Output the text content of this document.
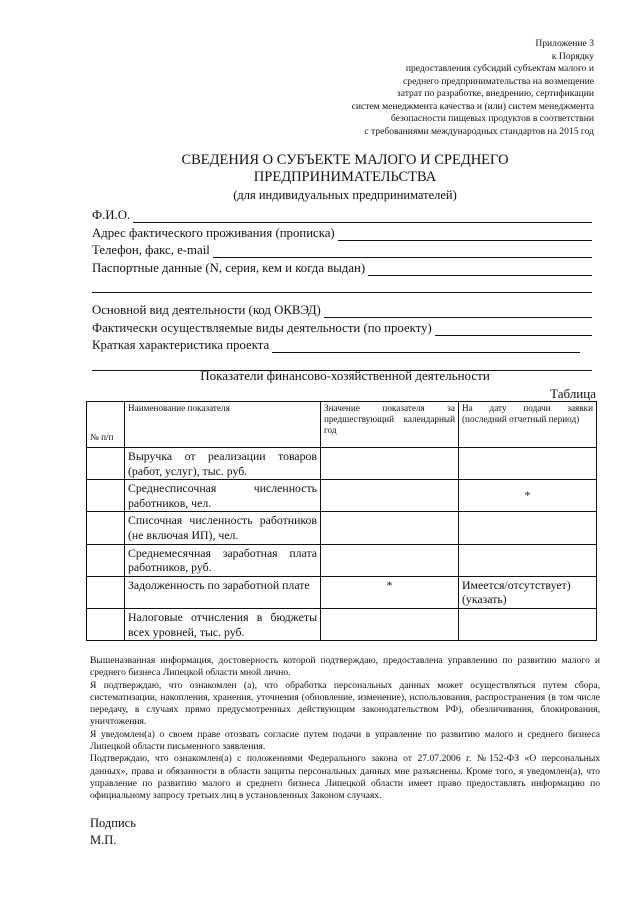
Приложение 3
к Порядку
предоставления субсидий субъектам малого и
среднего предпринимательства на возмещение
затрат по разработке, внедрению, сертификации
систем менеджмента качества и (или) систем менеджмента
безопасности пищевых продуктов в соответствии
с требованиями международных стандартов на 2015 год
СВЕДЕНИЯ О СУБЪЕКТЕ МАЛОГО И СРЕДНЕГО
ПРЕДПРИНИМАТЕЛЬСТВА
(для индивидуальных предпринимателей)
Ф.И.О.
Адрес фактического проживания (прописка)
Телефон, факс, e-mail
Паспортные данные (N, серия, кем и когда выдан)
Основной вид деятельности (код ОКВЭД)
Фактически осуществляемые виды деятельности (по проекту)
Краткая характеристика проекта
Показатели финансово-хозяйственной деятельности
Таблица
№ п/п	Наименование показателя	Значение показателя за предшествующий календарный год	На дату подачи заявки (последний отчетный период)
	Выручка от реализации товаров (работ, услуг), тыс. руб.		
	Среднесписочная численность работников, чел.		*
	Списочная численность работников (не включая ИП), чел.		
	Среднемесячная заработная плата работников, руб.		
	Задолженность по заработной плате	*	Имеется/отсутствует) (указать)
	Налоговые отчисления в бюджеты всех уровней, тыс. руб.		

Вышеназванная информация, достоверность которой подтверждаю, предоставлена управлению по развитию малого и среднего бизнеса Липецкой области мной лично.

Я подтверждаю, что ознакомлен (а), что обработка персональных данных может осуществляться путем сбора, систематизации, накопления, хранения, уточнения (обновление, изменение), использования, распространения (в том числе передачу, в случаях прямо предусмотренных действующим законодательством РФ), обезличивания, блокирования, уничтожения.

Я уведомлен(а) о своем праве отозвать согласие путем подачи в управление по развитию малого и среднего бизнеса Липецкой области письменного заявления.

Подтверждаю, что ознакомлен(а) с положениями Федерального закона от 27.07.2006 г. №152-ФЗ «О персональных данных», права и обязанности в области защиты персональных данных мне разъяснены. Кроме того, я уведомлен(а), что управление по развитию малого и среднего бизнеса Липецкой области имеет право предоставлять информацию по официальному запросу третьих лиц в установленных Законом случаях.

Подпись
М.П.
